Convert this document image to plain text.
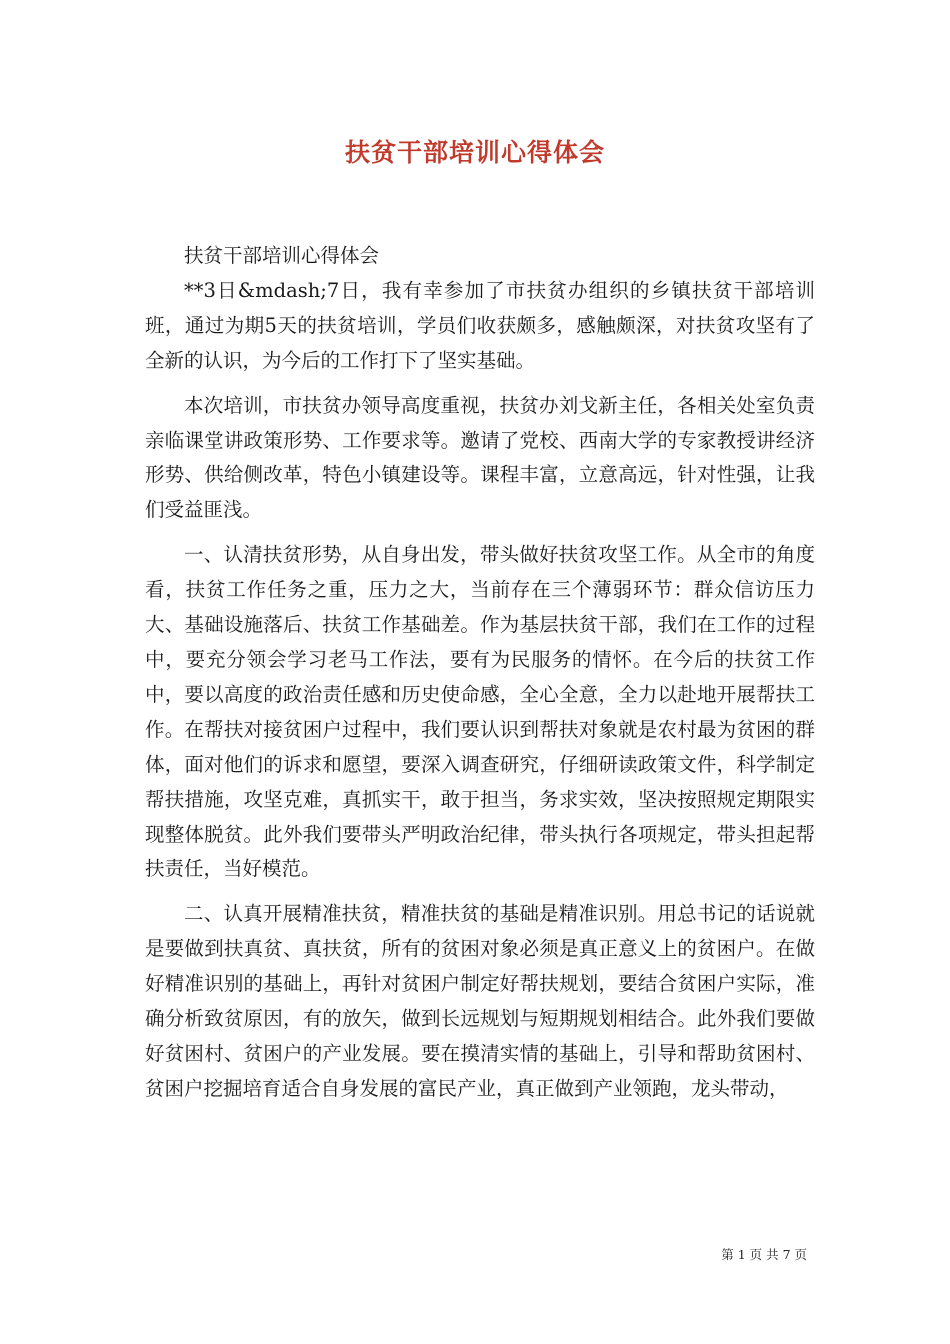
扶贫干部培训心得体会

扶贫干部培训心得体会

**3日&mdash;7日，我有幸参加了市扶贫办组织的乡镇扶贫干部培训班，通过为期5天的扶贫培训，学员们收获颇多，感触颇深，对扶贫攻坚有了全新的认识，为今后的工作打下了坚实基础。

本次培训，市扶贫办领导高度重视，扶贫办刘戈新主任，各相关处室负责亲临课堂讲政策形势、工作要求等。邀请了党校、西南大学的专家教授讲经济形势、供给侧改革，特色小镇建设等。课程丰富，立意高远，针对性强，让我们受益匪浅。

一、认清扶贫形势，从自身出发，带头做好扶贫攻坚工作。从全市的角度看，扶贫工作任务之重，压力之大，当前存在三个薄弱环节：群众信访压力大、基础设施落后、扶贫工作基础差。作为基层扶贫干部，我们在工作的过程中，要充分领会学习老马工作法，要有为民服务的情怀。在今后的扶贫工作中，要以高度的政治责任感和历史使命感，全心全意，全力以赴地开展帮扶工作。在帮扶对接贫困户过程中，我们要认识到帮扶对象就是农村最为贫困的群体，面对他们的诉求和愿望，要深入调查研究，仔细研读政策文件，科学制定帮扶措施，攻坚克难，真抓实干，敢于担当，务求实效，坚决按照规定期限实现整体脱贫。此外我们要带头严明政治纪律，带头执行各项规定，带头担起帮扶责任，当好模范。

二、认真开展精准扶贫，精准扶贫的基础是精准识别。用总书记的话说就是要做到扶真贫、真扶贫，所有的贫困对象必须是真正意义上的贫困户。在做好精准识别的基础上，再针对贫困户制定好帮扶规划，要结合贫困户实际，准确分析致贫原因，有的放矢，做到长远规划与短期规划相结合。此外我们要做好贫困村、贫困户的产业发展。要在摸清实情的基础上，引导和帮助贫困村、贫困户挖掘培育适合自身发展的富民产业，真正做到产业领跑，龙头带动，

第 1 页 共 7 页
